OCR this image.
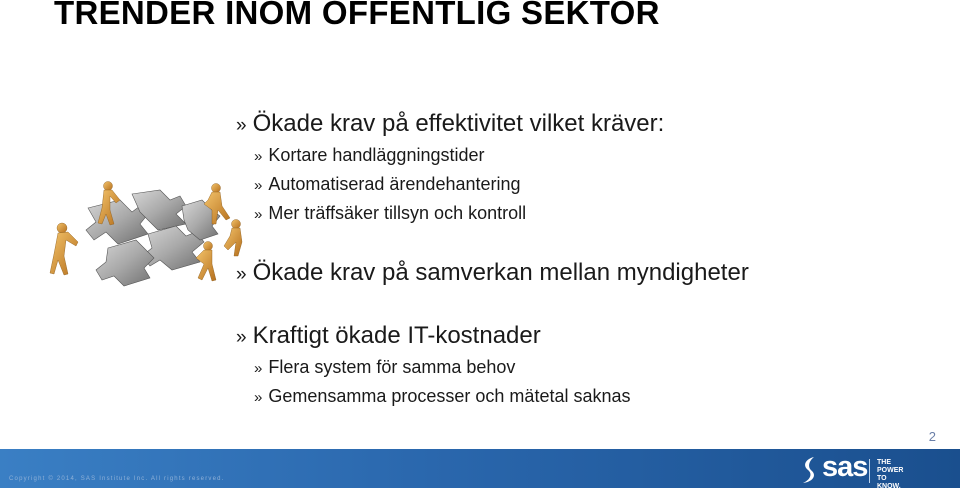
TRENDER INOM OFFENTLIG SEKTOR
» Ökade krav på effektivitet vilket kräver:
» Kortare handläggningstider
» Automatiserad ärendehantering
» Mer träffsäker tillsyn och kontroll
» Ökade krav på samverkan mellan myndigheter
» Kraftigt ökade IT-kostnader
» Flera system för samma behov
» Gemensamma processer och mätetal saknas
2
Copyright © 2014, SAS Institute Inc. All rights reserved.	sas THE
POWER
TO KNOW.
